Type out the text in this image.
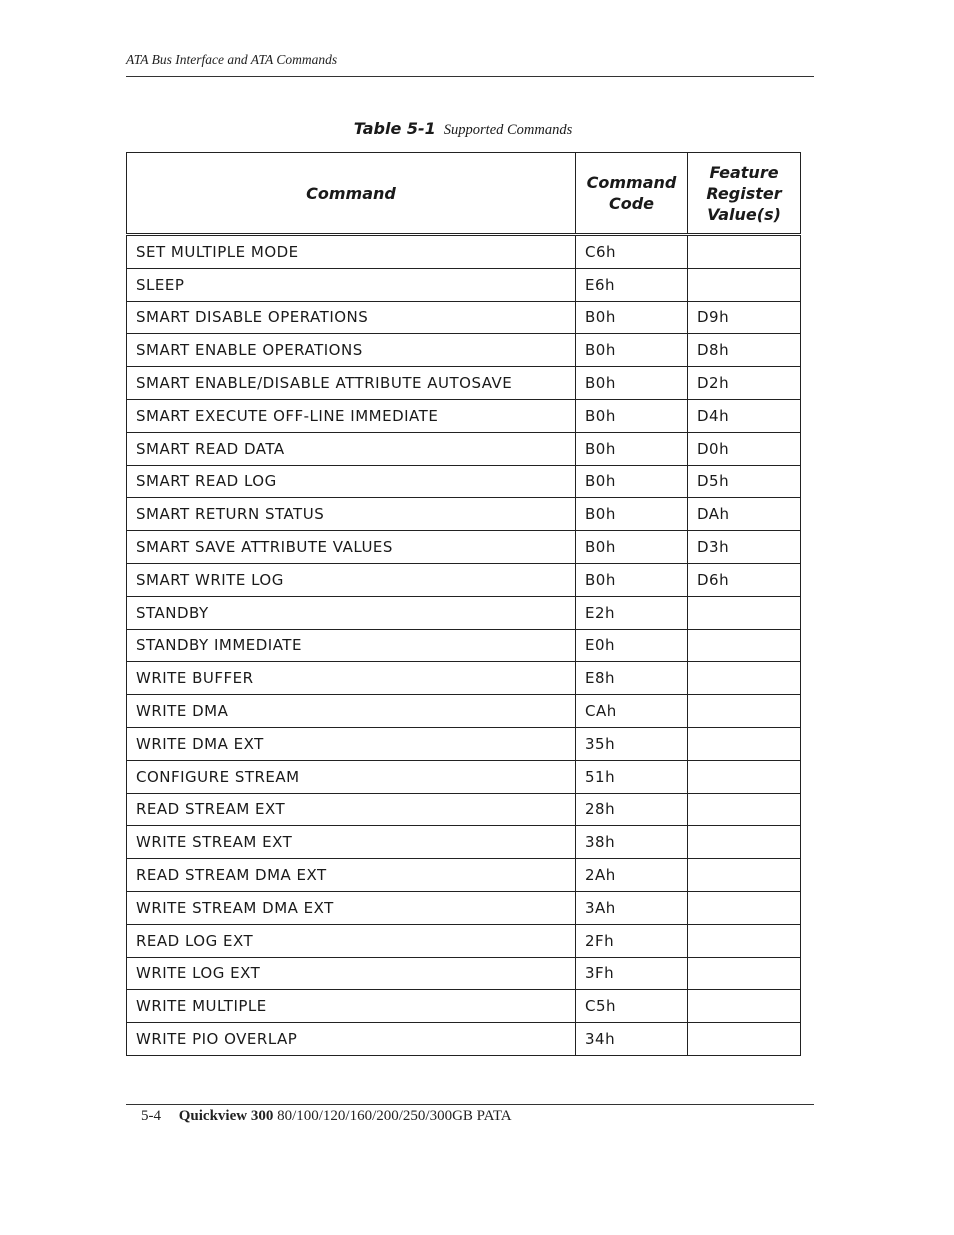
ATA Bus Interface and ATA Commands
Table 5-1 Supported Commands
Command	Command Code	Feature Register Value(s)
SET MULTIPLE MODE	C6h	
SLEEP	E6h	
SMART DISABLE OPERATIONS	B0h	D9h
SMART ENABLE OPERATIONS	B0h	D8h
SMART ENABLE/DISABLE ATTRIBUTE AUTOSAVE	B0h	D2h
SMART EXECUTE OFF-LINE IMMEDIATE	B0h	D4h
SMART READ DATA	B0h	D0h
SMART READ LOG	B0h	D5h
SMART RETURN STATUS	B0h	DAh
SMART SAVE ATTRIBUTE VALUES	B0h	D3h
SMART WRITE LOG	B0h	D6h
STANDBY	E2h	
STANDBY IMMEDIATE	E0h	
WRITE BUFFER	E8h	
WRITE DMA	CAh	
WRITE DMA EXT	35h	
CONFIGURE STREAM	51h	
READ STREAM EXT	28h	
WRITE STREAM EXT	38h	
READ STREAM DMA EXT	2Ah	
WRITE STREAM DMA EXT	3Ah	
READ LOG EXT	2Fh	
WRITE LOG EXT	3Fh	
WRITE MULTIPLE	C5h	
WRITE PIO OVERLAP	34h	
5-4 Quickview 300 80/100/120/160/200/250/300GB PATA
